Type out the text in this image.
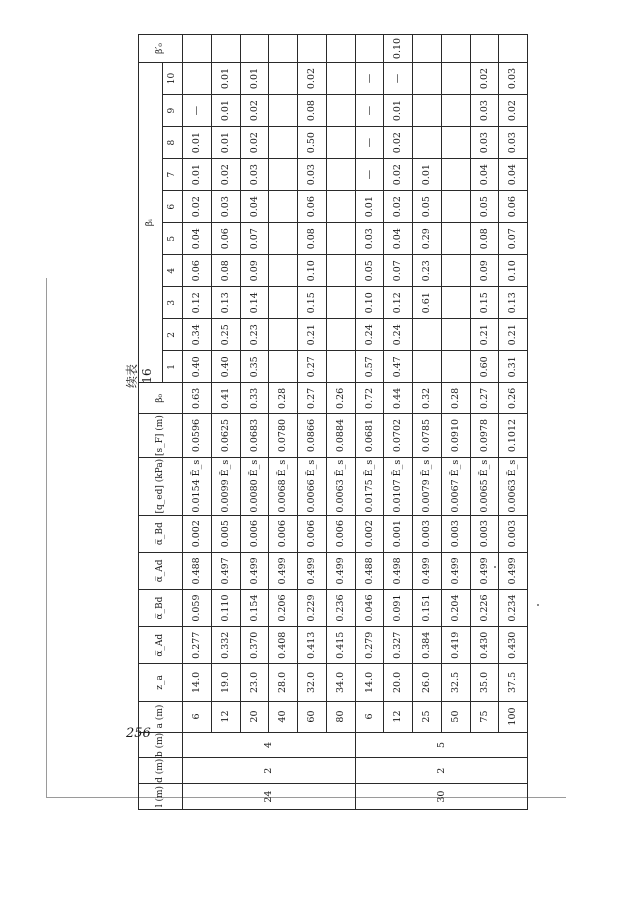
续表 16
l (m)	d (m)	b (m)	a (m)	z_a	α̅_Ad	α̅_Bd	α̅_Ad	α̅_Bd	[q_ed] (kPa)	[s_F] (m)	β₀	βᵢ										β′₀
												1	2	3	4	5	6	7	8	9	10	
24	2	4	6	14.0	0.277	0.059	0.488	0.002	0.0154 Ē_s	0.0596	0.63	0.40	0.34	0.12	0.06	0.04	0.02	0.01	0.01	—		
			12	19.0	0.332	0.110	0.497	0.005	0.0099 Ē_s	0.0625	0.41	0.40	0.25	0.13	0.08	0.06	0.03	0.02	0.01	0.01	0.01	
			20	23.0	0.370	0.154	0.499	0.006	0.0080 Ē_s	0.0683	0.33	0.35	0.23	0.14	0.09	0.07	0.04	0.03	0.02	0.02	0.01	
			40	28.0	0.408	0.206	0.499	0.006	0.0068 Ē_s	0.0780	0.28											
			60	32.0	0.413	0.229	0.499	0.006	0.0066 Ē_s	0.0866	0.27	0.27	0.21	0.15	0.10	0.08	0.06	0.03	0.50	0.08	0.02	
			80	34.0	0.415	0.236	0.499	0.006	0.0063 Ē_s	0.0884	0.26											
30	2	5	6	14.0	0.279	0.046	0.488	0.002	0.0175 Ē_s	0.0681	0.72	0.57	0.24	0.10	0.05	0.03	0.01	—	—	—	—	
			12	20.0	0.327	0.091	0.498	0.001	0.0107 Ē_s	0.0702	0.44	0.47	0.24	0.12	0.07	0.04	0.02	0.02	0.02	0.01	—	0.10
			25	26.0	0.384	0.151	0.499	0.003	0.0079 Ē_s	0.0785	0.32			0.61	0.23	0.29	0.05	0.01				
			50	32.5	0.419	0.204	0.499	0.003	0.0067 Ē_s	0.0910	0.28											
			75	35.0	0.430	0.226	0.499	0.003	0.0065 Ē_s	0.0978	0.27	0.60	0.21	0.15	0.09	0.08	0.05	0.04	0.03	0.03	0.02	
			100	37.5	0.430	0.234	0.499	0.003	0.0063 Ē_s	0.1012	0.26	0.31	0.21	0.13	0.10	0.07	0.06	0.04	0.03	0.02	0.03	
256
